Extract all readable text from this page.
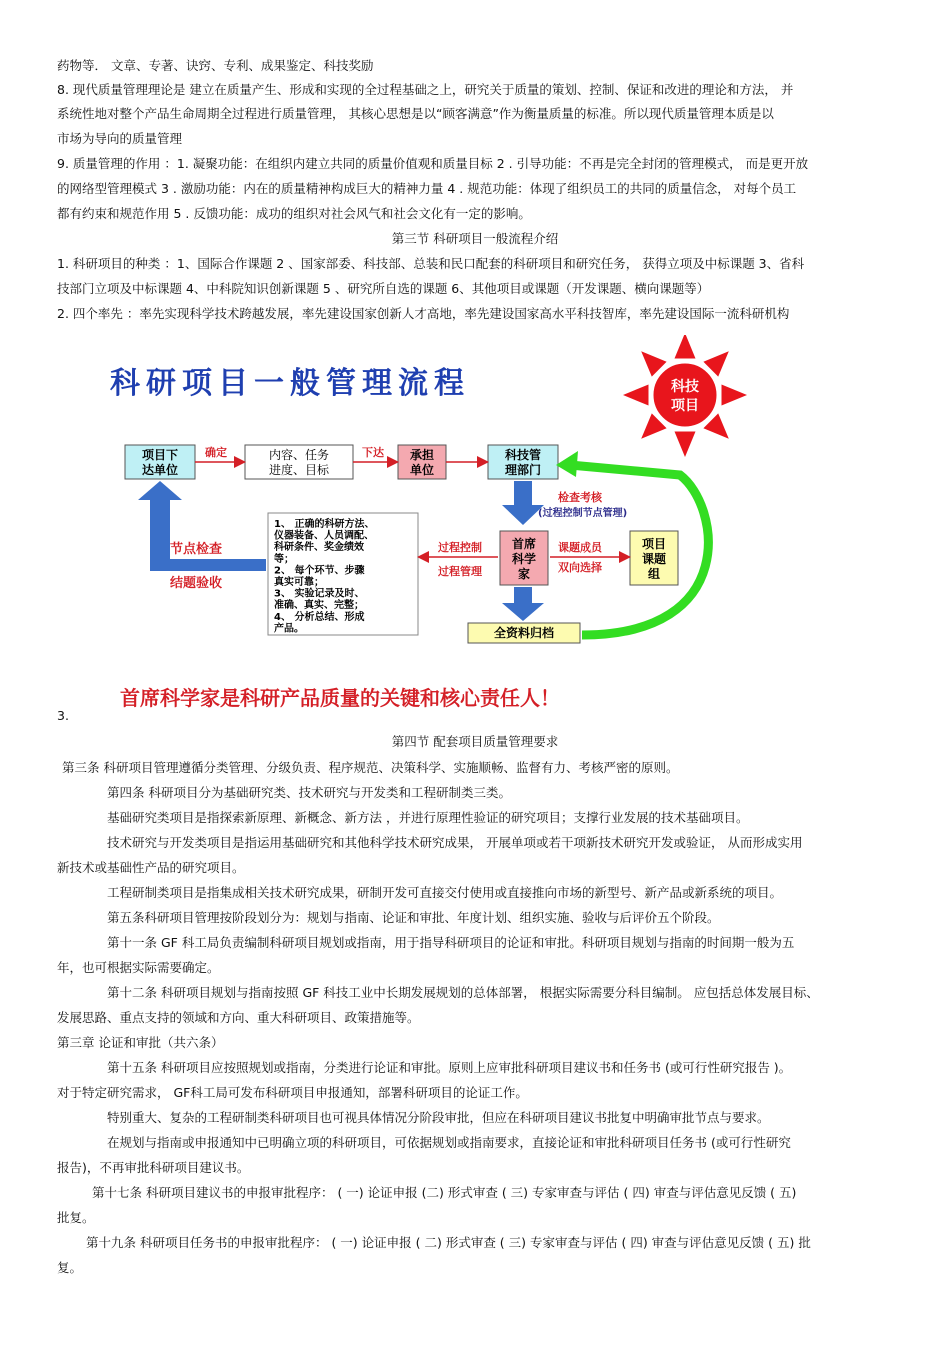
药物等． 文章、专著、诀窍、专利、成果鉴定、科技奖励
8. 现代质量管理理论是 建立在质量产生、形成和实现的全过程基础之上，研究关于质量的策划、控制、保证和改进的理论和方法， 并
系统性地对整个产品生命周期全过程进行质量管理， 其核心思想是以“顾客满意”作为衡量质量的标准。所以现代质量管理本质是以
市场为导向的质量管理
9. 质量管理的作用 ：1. 凝聚功能：在组织内建立共同的质量价值观和质量目标 2 . 引导功能：不再是完全封闭的管理模式， 而是更开放
的网络型管理模式 3 . 激励功能：内在的质量精神构成巨大的精神力量 4 . 规范功能：体现了组织员工的共同的质量信念， 对每个员工
都有约束和规范作用 5 . 反馈功能：成功的组织对社会风气和社会文化有一定的影响。
第三节 科研项目一般流程介绍
1. 科研项目的种类 ：1、国际合作课题 2 、国家部委、科技部、总装和民口配套的科研项目和研究任务， 获得立项及中标课题 3、省科
技部门立项及中标课题 4、中科院知识创新课题 5 、研究所自选的课题 6、其他项目或课题（开发课题、横向课题等）
2. 四个率先 ：率先实现科学技术跨越发展，率先建设国家创新人才高地，率先建设国家高水平科技智库，率先建设国际一流科研机构
3.
第四节 配套项目质量管理要求
第三条 科研项目管理遵循分类管理、分级负责、程序规范、决策科学、实施顺畅、监督有力、考核严密的原则。
第四条 科研项目分为基础研究类、技术研究与开发类和工程研制类三类。
基础研究类项目是指探索新原理、新概念、新方法 ，并进行原理性验证的研究项目；支撑行业发展的技术基础项目。
技术研究与开发类项目是指运用基础研究和其他科学技术研究成果， 开展单项或若干项新技术研究开发或验证， 从而形成实用
新技术或基础性产品的研究项目。
工程研制类项目是指集成相关技术研究成果，研制开发可直接交付使用或直接推向市场的新型号、新产品或新系统的项目。
第五条科研项目管理按阶段划分为：规划与指南、论证和审批、年度计划、组织实施、验收与后评价五个阶段。
第十一条 GF 科工局负责编制科研项目规划或指南，用于指导科研项目的论证和审批。科研项目规划与指南的时间期一般为五
年，也可根据实际需要确定。
第十二条 科研项目规划与指南按照 GF 科技工业中长期发展规划的总体部署， 根据实际需要分科目编制。 应包括总体发展目标、
发展思路、重点支持的领域和方向、重大科研项目、政策措施等。
第三章 论证和审批（共六条）
第十五条 科研项目应按照规划或指南，分类进行论证和审批。原则上应审批科研项目建议书和任务书 (或可行性研究报告 )。
对于特定研究需求， GF科工局可发布科研项目申报通知，部署科研项目的论证工作。
特别重大、复杂的工程研制类科研项目也可视具体情况分阶段审批，但应在科研项目建议书批复中明确审批节点与要求。
在规划与指南或申报通知中已明确立项的科研项目，可依据规划或指南要求，直接论证和审批科研项目任务书 (或可行性研究
报告)，不再审批科研项目建议书。
第十七条 科研项目建议书的申报审批程序： ( 一) 论证申报 (二) 形式审查 ( 三) 专家审查与评估 ( 四) 审查与评估意见反馈 ( 五)
批复。
第十九条 科研项目任务书的申报审批程序： ( 一) 论证申报 ( 二) 形式审查 ( 三) 专家审查与评估 ( 四) 审查与评估意见反馈 ( 五) 批
复。
科研项目一般管理流程	科技
项目
项目下
达单位
内容、任务
进度、目标
承担
单位
科技管
理部门
确定	下达
检查考核
(过程控制节点管理)
首席
科学
家
项目
课题
组
课题成员
双向选择
1、 正确的科研方法、
仪器装备、人员调配、
科研条件、奖金绩效
等；
2、 每个环节、步骤
真实可靠；
3、 实验记录及时、
准确、真实、完整；
4、 分析总结、形成
产品。
过程控制
过程管理
节点检查
结题验收
全资料归档
首席科学家是科研产品质量的关键和核心责任人！
